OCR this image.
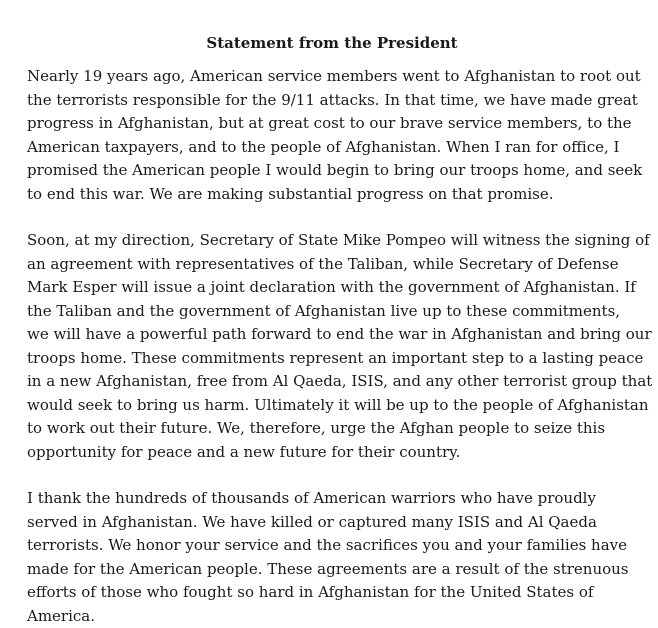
Statement from the President
Nearly 19 years ago, American service members went to Afghanistan to root out
the terrorists responsible for the 9/11 attacks. In that time, we have made great
progress in Afghanistan, but at great cost to our brave service members, to the
American taxpayers, and to the people of Afghanistan. When I ran for office, I
promised the American people I would begin to bring our troops home, and seek
to end this war. We are making substantial progress on that promise.
Soon, at my direction, Secretary of State Mike Pompeo will witness the signing of
an agreement with representatives of the Taliban, while Secretary of Defense
Mark Esper will issue a joint declaration with the government of Afghanistan. If
the Taliban and the government of Afghanistan live up to these commitments,
we will have a powerful path forward to end the war in Afghanistan and bring our
troops home. These commitments represent an important step to a lasting peace
in a new Afghanistan, free from Al Qaeda, ISIS, and any other terrorist group that
would seek to bring us harm. Ultimately it will be up to the people of Afghanistan
to work out their future. We, therefore, urge the Afghan people to seize this
opportunity for peace and a new future for their country.
I thank the hundreds of thousands of American warriors who have proudly
served in Afghanistan. We have killed or captured many ISIS and Al Qaeda
terrorists. We honor your service and the sacrifices you and your families have
made for the American people. These agreements are a result of the strenuous
efforts of those who fought so hard in Afghanistan for the United States of
America.
